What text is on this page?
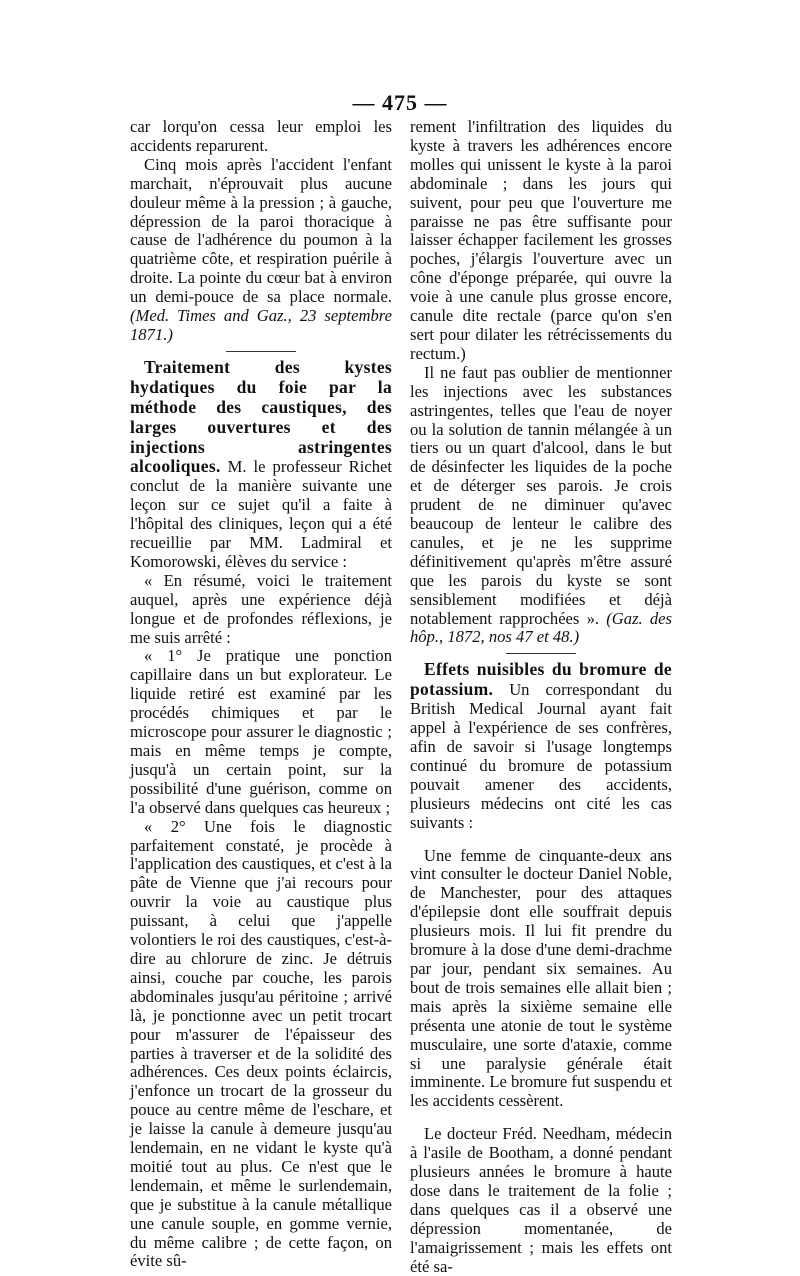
— 475 —

car lorqu'on cessa leur emploi les accidents reparurent.

Cinq mois après l'accident l'enfant marchait, n'éprouvait plus aucune douleur même à la pression ; à gauche, dépression de la paroi thoracique à cause de l'adhérence du poumon à la quatrième côte, et respiration puérile à droite. La pointe du cœur bat à environ un demi-pouce de sa place normale. (Med. Times and Gaz., 23 septembre 1871.)

Traitement des kystes hydatiques du foie par la méthode des caustiques, des larges ouvertures et des injections astringentes alcooliques. M. le professeur Richet conclut de la manière suivante une leçon sur ce sujet qu'il a faite à l'hôpital des cliniques, leçon qui a été recueillie par MM. Ladmiral et Komorowski, élèves du service :

« En résumé, voici le traitement auquel, après une expérience déjà longue et de profondes réflexions, je me suis arrêté :

« 1° Je pratique une ponction capillaire dans un but explorateur. Le liquide retiré est examiné par les procédés chimiques et par le microscope pour assurer le diagnostic ; mais en même temps je compte, jusqu'à un certain point, sur la possibilité d'une guérison, comme on l'a observé dans quelques cas heureux ;

« 2° Une fois le diagnostic parfaitement constaté, je procède à l'application des caustiques, et c'est à la pâte de Vienne que j'ai recours pour ouvrir la voie au caustique plus puissant, à celui que j'appelle volontiers le roi des caustiques, c'est-à-dire au chlorure de zinc. Je détruis ainsi, couche par couche, les parois abdominales jusqu'au péritoine ; arrivé là, je ponctionne avec un petit trocart pour m'assurer de l'épaisseur des parties à traverser et de la solidité des adhérences. Ces deux points éclaircis, j'enfonce un trocart de la grosseur du pouce au centre même de l'eschare, et je laisse la canule à demeure jusqu'au lendemain, en ne vidant le kyste qu'à moitié tout au plus. Ce n'est que le lendemain, et même le surlendemain, que je substitue à la canule métallique une canule souple, en gomme vernie, du même calibre ; de cette façon, on évite sû-

rement l'infiltration des liquides du kyste à travers les adhérences encore molles qui unissent le kyste à la paroi abdominale ; dans les jours qui suivent, pour peu que l'ouverture me paraisse ne pas être suffisante pour laisser échapper facilement les grosses poches, j'élargis l'ouverture avec un cône d'éponge préparée, qui ouvre la voie à une canule plus grosse encore, canule dite rectale (parce qu'on s'en sert pour dilater les rétrécissements du rectum.)

Il ne faut pas oublier de mentionner les injections avec les substances astringentes, telles que l'eau de noyer ou la solution de tannin mélangée à un tiers ou un quart d'alcool, dans le but de désinfecter les liquides de la poche et de déterger ses parois. Je crois prudent de ne diminuer qu'avec beaucoup de lenteur le calibre des canules, et je ne les supprime définitivement qu'après m'être assuré que les parois du kyste se sont sensiblement modifiées et déjà notablement rapprochées ». (Gaz. des hôp., 1872, nos 47 et 48.)

Effets nuisibles du bromure de potassium. Un correspondant du British Medical Journal ayant fait appel à l'expérience de ses confrères, afin de savoir si l'usage longtemps continué du bromure de potassium pouvait amener des accidents, plusieurs médecins ont cité les cas suivants :

Une femme de cinquante-deux ans vint consulter le docteur Daniel Noble, de Manchester, pour des attaques d'épilepsie dont elle souffrait depuis plusieurs mois. Il lui fit prendre du bromure à la dose d'une demi-drachme par jour, pendant six semaines. Au bout de trois semaines elle allait bien ; mais après la sixième semaine elle présenta une atonie de tout le système musculaire, une sorte d'ataxie, comme si une paralysie générale était imminente. Le bromure fut suspendu et les accidents cessèrent.

Le docteur Fréd. Needham, médecin à l'asile de Bootham, a donné pendant plusieurs années le bromure à haute dose dans le traitement de la folie ; dans quelques cas il a observé une dépression momentanée, de l'amaigrissement ; mais les effets ont été sa-
